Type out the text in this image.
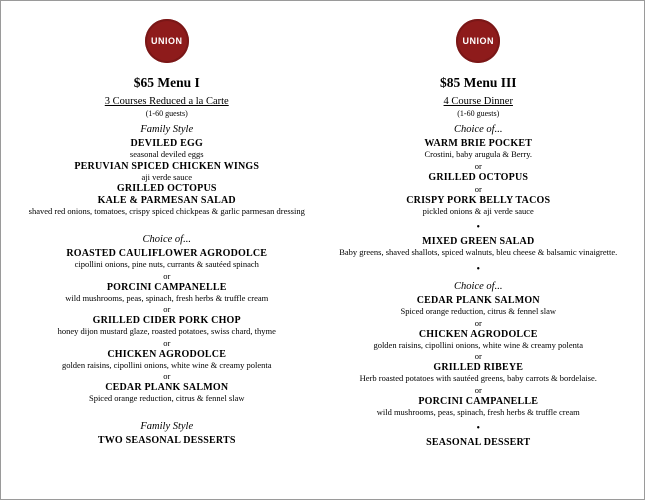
UNION
$65 Menu I
3 Courses Reduced a la Carte
(1-60 guests)
Family Style
DEVILED EGG
seasonal deviled eggs
PERUVIAN SPICED CHICKEN WINGS
aji verde sauce
GRILLED OCTOPUS
KALE & PARMESAN SALAD
shaved red onions, tomatoes, crispy spiced chickpeas & garlic parmesan dressing
Choice of...
ROASTED CAULIFLOWER AGRODOLCE
cipollini onions, pine nuts, currants & sautéed spinach
or
PORCINI CAMPANELLE
wild mushrooms, peas, spinach, fresh herbs & truffle cream
or
GRILLED CIDER PORK CHOP
honey dijon mustard glaze, roasted potatoes, swiss chard, thyme
or
CHICKEN AGRODOLCE
golden raisins, cipollini onions, white wine & creamy polenta
or
CEDAR PLANK SALMON
Spiced orange reduction, citrus & fennel slaw
Family Style
TWO SEASONAL DESSERTS
UNION
$85 Menu III
4 Course Dinner
(1-60 guests)
Choice of...
WARM BRIE POCKET
Crostini, baby arugula & Berry.
or
GRILLED OCTOPUS
or
CRISPY PORK BELLY TACOS
pickled onions & aji verde sauce
•
MIXED GREEN SALAD
Baby greens, shaved shallots, spiced walnuts, bleu cheese & balsamic vinaigrette.
•
Choice of...
CEDAR PLANK SALMON
Spiced orange reduction, citrus & fennel slaw
or
CHICKEN AGRODOLCE
golden raisins, cipollini onions, white wine & creamy polenta
or
GRILLED RIBEYE
Herb roasted potatoes with sautéed greens, baby carrots & bordelaise.
or
PORCINI CAMPANELLE
wild mushrooms, peas, spinach, fresh herbs & truffle cream
•
SEASONAL DESSERT
